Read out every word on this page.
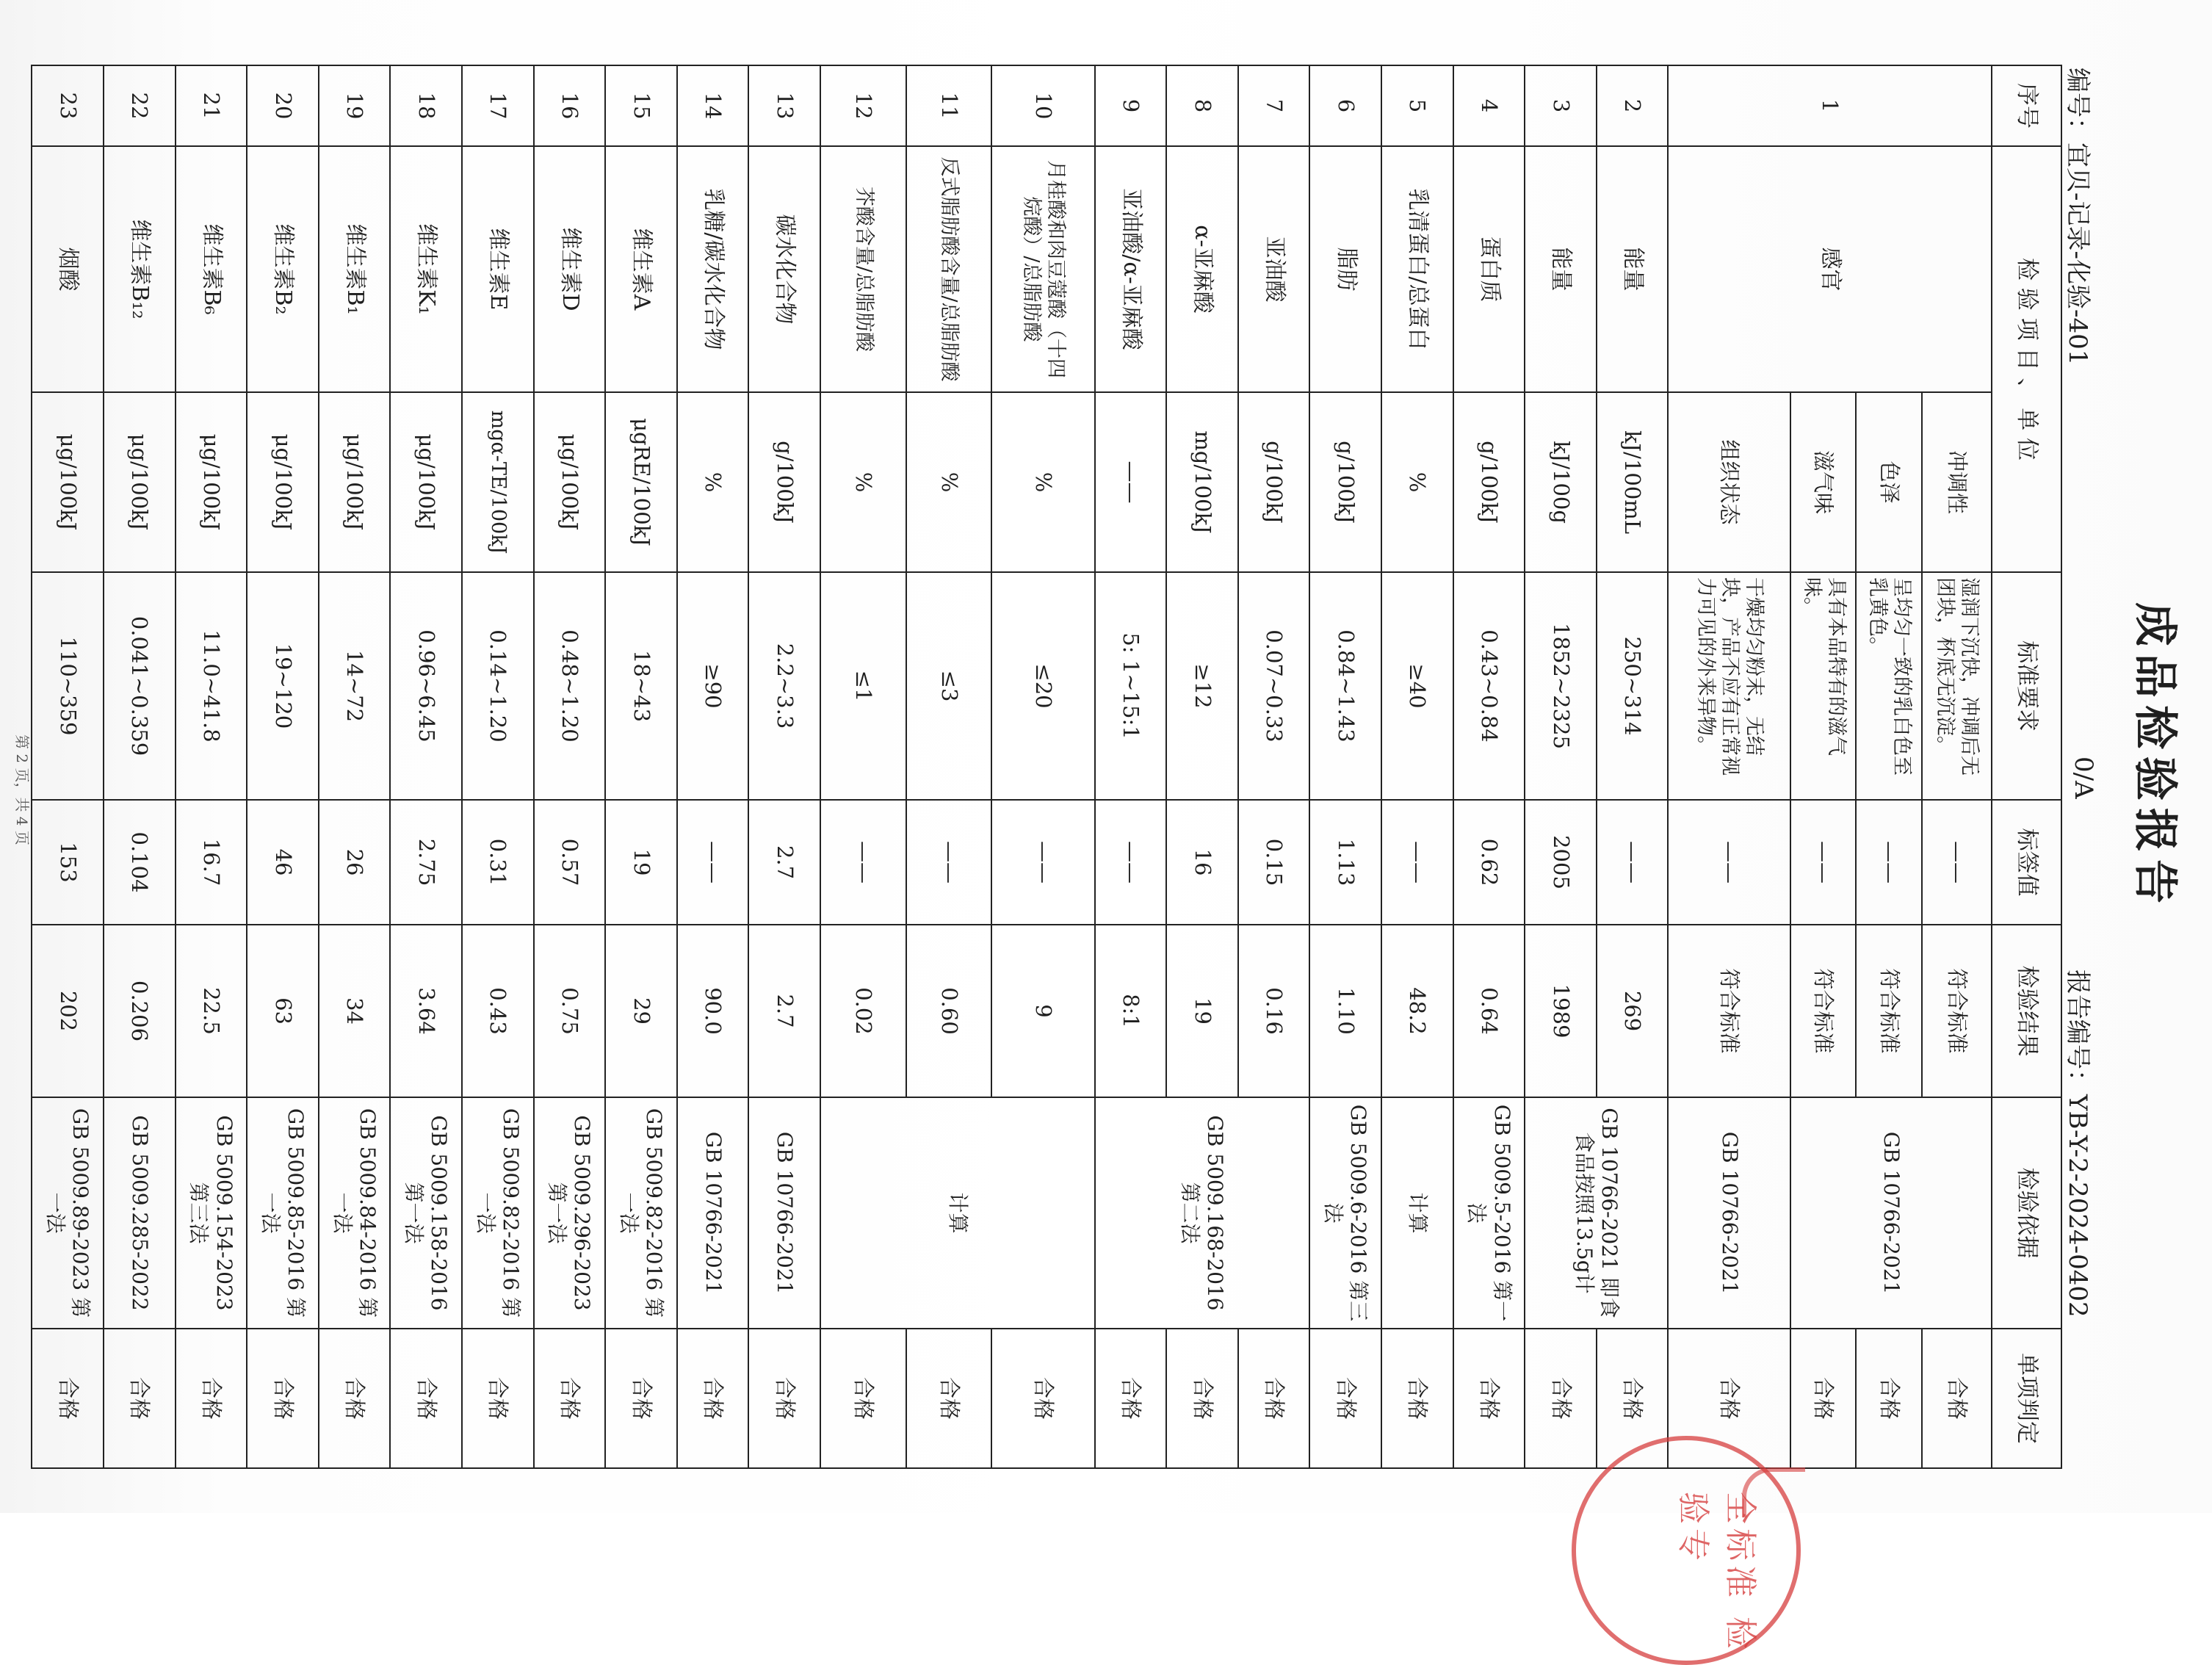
成品检验报告
编号：宜贝-记录-化验-401
0/A
报告编号：YB-Y-2-2024-0402
序号	检 验 项 目 、 单 位		标准要求	标签值	检验结果	检验依据	单项判定
1	感官	冲调性	湿润下沉快，冲调后无团块，杯底无沉淀。	——	符合标准	GB 10766-2021	合格
		色泽	呈均匀一致的乳白色至乳黄色。	——	符合标准		合格
		滋气味	具有本品特有的滋气味。	——	符合标准		合格
		组织状态	干燥均匀粉末，无结块，产品不应有正常视力可见的外来异物。	——	符合标准	GB 10766-2021	合格
2	能量	kJ/100mL	250~314	——	269	GB 10766-2021 即食食品按照13.5g计	合格
3	能量	kJ/100g	1852~2325	2005	1989		合格
4	蛋白质	g/100kJ	0.43~0.84	0.62	0.64	GB 5009.5-2016 第一法	合格
5	乳清蛋白/总蛋白	%	≥40	——	48.2	计算	合格
6	脂肪	g/100kJ	0.84~1.43	1.13	1.10	GB 5009.6-2016 第三法	合格
7	亚油酸	g/100kJ	0.07~0.33	0.15	0.16	GB 5009.168-2016 第二法	合格
8	α-亚麻酸	mg/100kJ	≥12	16	19		合格
9	亚油酸/α-亚麻酸	——	5: 1~15:1	——	8:1		合格
10	月桂酸和肉豆蔻酸（十四烷酸）/总脂肪酸	%	≤20	——	9	计算	合格
11	反式脂肪酸含量/总脂肪酸	%	≤3	——	0.60		合格
12	芥酸含量/总脂肪酸	%	≤1	——	0.02		合格
13	碳水化合物	g/100kJ	2.2~3.3	2.7	2.7	GB 10766-2021	合格
14	乳糖/碳水化合物	%	≥90	——	90.0	GB 10766-2021	合格
15	维生素A	μgRE/100kJ	18~43	19	29	GB 5009.82-2016 第一法	合格
16	维生素D	μg/100kJ	0.48~1.20	0.57	0.75	GB 5009.296-2023 第一法	合格
17	维生素E	mgα-TE/100kJ	0.14~1.20	0.31	0.43	GB 5009.82-2016 第一法	合格
18	维生素K₁	μg/100kJ	0.96~6.45	2.75	3.64	GB 5009.158-2016 第一法	合格
19	维生素B₁	μg/100kJ	14~72	26	34	GB 5009.84-2016 第一法	合格
20	维生素B₂	μg/100kJ	19~120	46	63	GB 5009.85-2016 第一法	合格
21	维生素B₆	μg/100kJ	11.0~41.8	16.7	22.5	GB 5009.154-2023 第三法	合格
22	维生素B₁₂	μg/100kJ	0.041~0.359	0.104	0.206	GB 5009.285-2022	合格
23	烟酸	μg/100kJ	110~359	153	202	GB 5009.89-2023 第一法	合格
第 2 页，共 4 页
全标准 检验专
